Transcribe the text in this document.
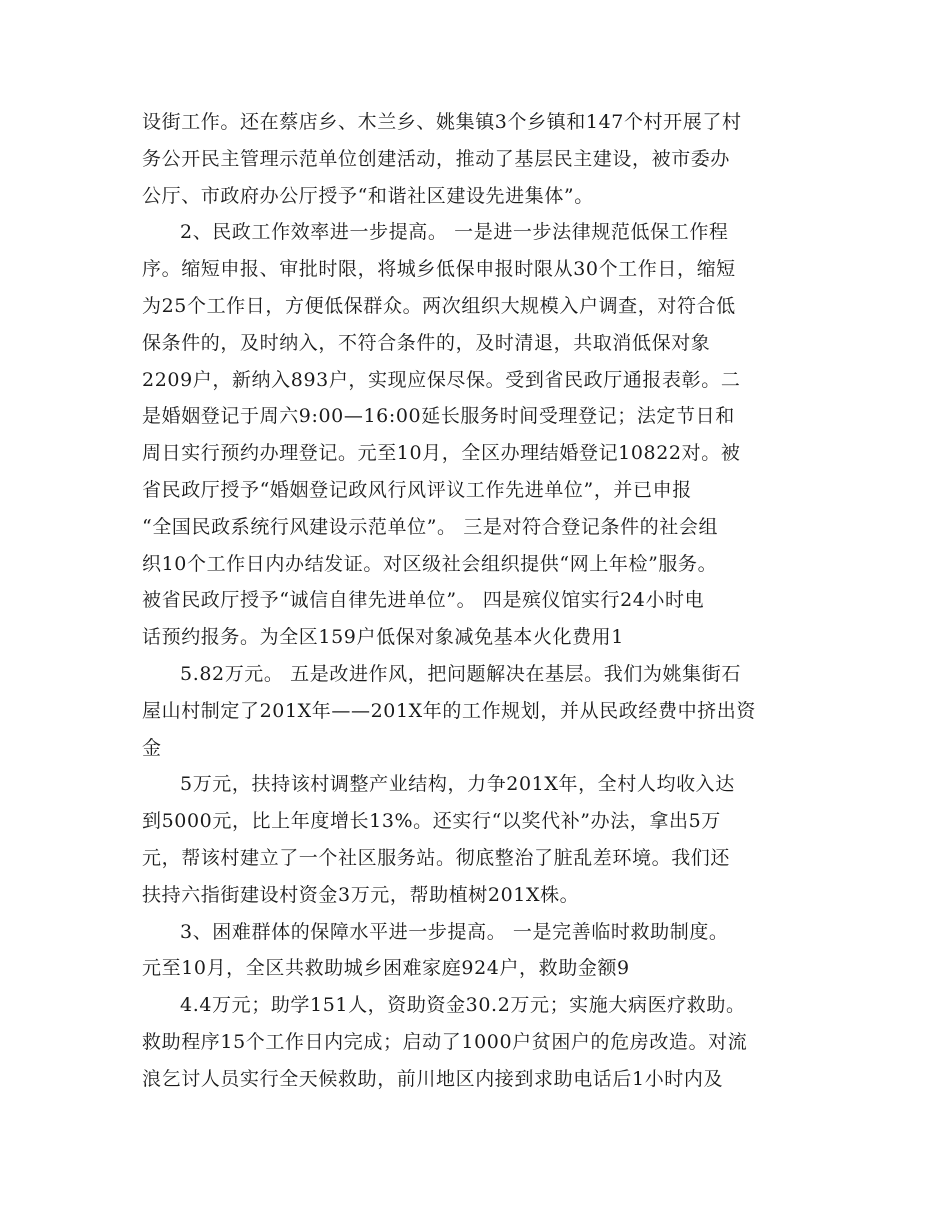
设街工作。还在蔡店乡、木兰乡、姚集镇3个乡镇和147个村开展了村
务公开民主管理示范单位创建活动，推动了基层民主建设，被市委办
公厅、市政府办公厅授予“和谐社区建设先进集体”。
2、民政工作效率进一步提高。 一是进一步法律规范低保工作程
序。缩短申报、审批时限，将城乡低保申报时限从30个工作日，缩短
为25个工作日，方便低保群众。两次组织大规模入户调查，对符合低
保条件的，及时纳入，不符合条件的，及时清退，共取消低保对象
2209户，新纳入893户，实现应保尽保。受到省民政厅通报表彰。二
是婚姻登记于周六9:00—16:00延长服务时间受理登记；法定节日和
周日实行预约办理登记。元至10月，全区办理结婚登记10822对。被
省民政厅授予“婚姻登记政风行风评议工作先进单位”，并已申报
“全国民政系统行风建设示范单位”。 三是对符合登记条件的社会组
织10个工作日内办结发证。对区级社会组织提供“网上年检”服务。
被省民政厅授予“诚信自律先进单位”。 四是殡仪馆实行24小时电
话预约报务。为全区159户低保对象减免基本火化费用1
5.82万元。 五是改进作风，把问题解决在基层。我们为姚集街石
屋山村制定了201X年——201X年的工作规划，并从民政经费中挤出资
金
5万元，扶持该村调整产业结构，力争201X年，全村人均收入达
到5000元，比上年度增长13%。还实行“以奖代补”办法，拿出5万
元，帮该村建立了一个社区服务站。彻底整治了脏乱差环境。我们还
扶持六指街建设村资金3万元，帮助植树201X株。
3、困难群体的保障水平进一步提高。 一是完善临时救助制度。
元至10月，全区共救助城乡困难家庭924户，救助金额9
4.4万元；助学151人，资助资金30.2万元；实施大病医疗救助。
救助程序15个工作日内完成；启动了1000户贫困户的危房改造。对流
浪乞讨人员实行全天候救助，前川地区内接到求助电话后1小时内及
